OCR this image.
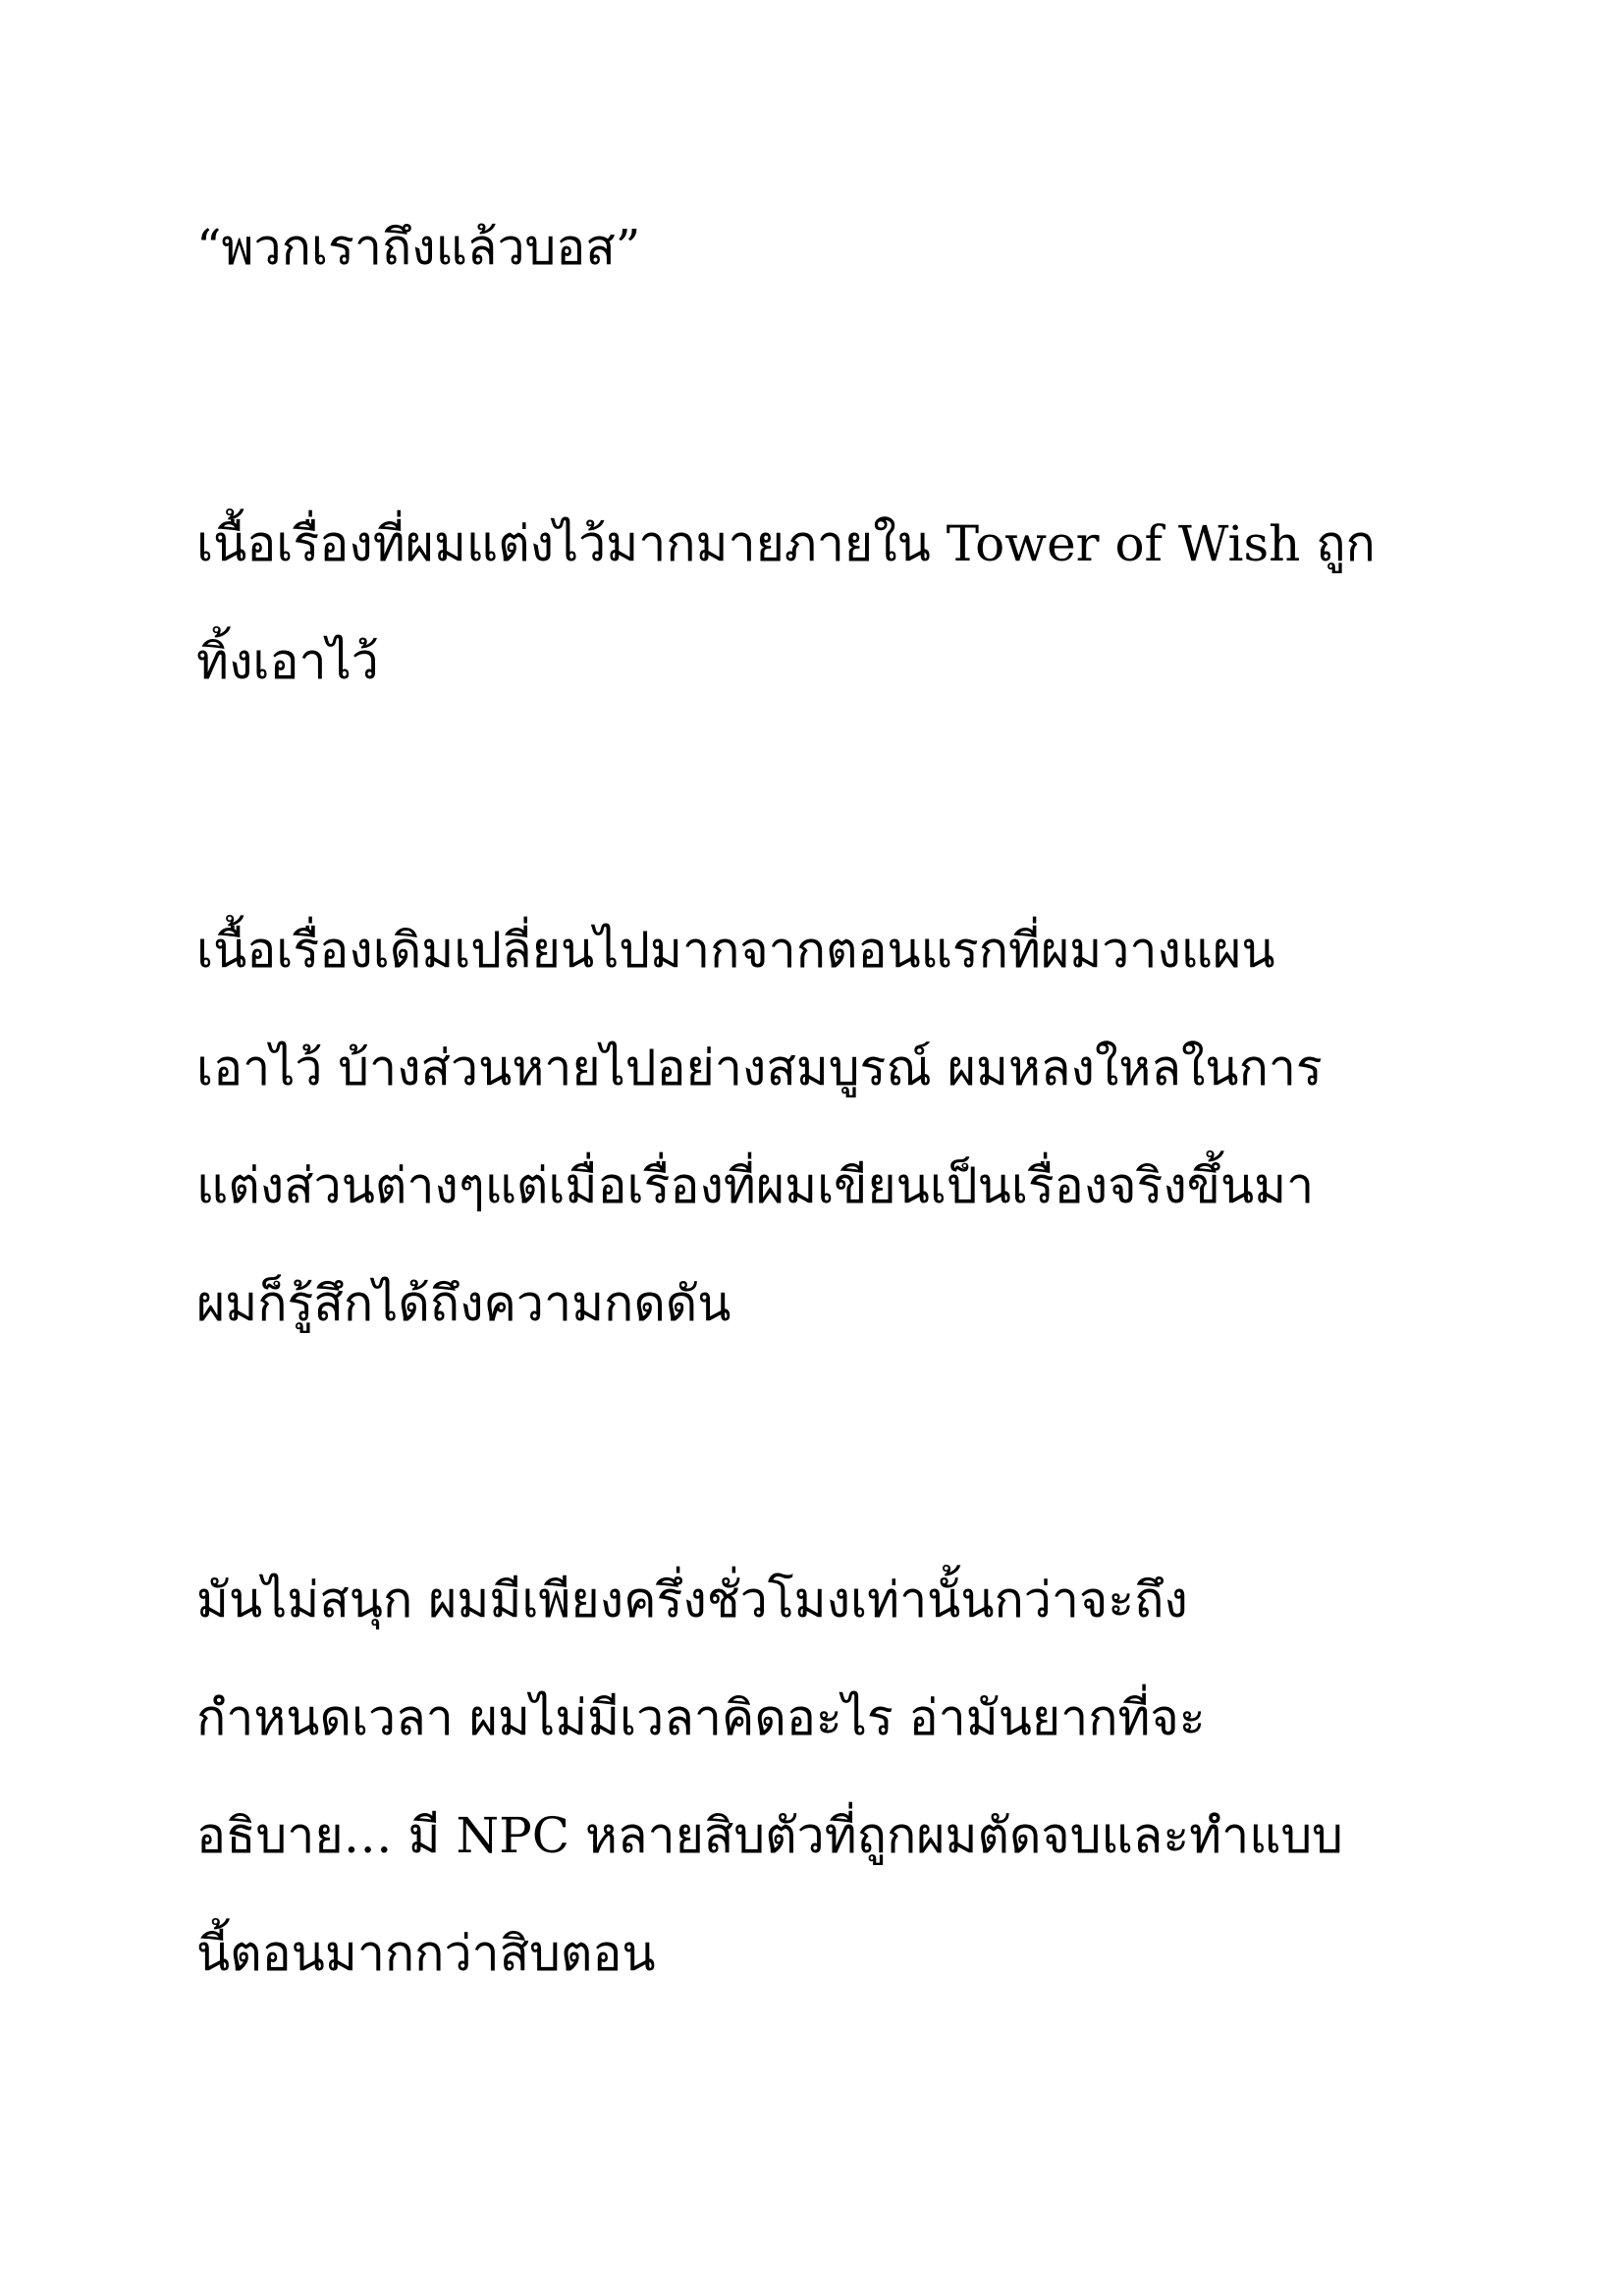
“พวกเราถึงแล้วบอส”

เนื้อเรื่องที่ผมแต่งไว้มากมายภายใน Tower of Wish ถูก

ทิ้งเอาไว้

เนื้อเรื่องเดิมเปลี่ยนไปมากจากตอนแรกที่ผมวางแผน

เอาไว้ บ้างส่วนหายไปอย่างสมบูรณ์ ผมหลงใหลในการ

แต่งส่วนต่างๆแต่เมื่อเรื่องที่ผมเขียนเป็นเรื่องจริงขึ้นมา

ผมก็รู้สึกได้ถึงความกดดัน

มันไม่สนุก ผมมีเพียงครึ่งชั่วโมงเท่านั้นกว่าจะถึง

กำหนดเวลา ผมไม่มีเวลาคิดอะไร อ่ามันยากที่จะ

อธิบาย… มี NPC หลายสิบตัวที่ถูกผมตัดจบและทำแบบ

นี้ตอนมากกว่าสิบตอน
